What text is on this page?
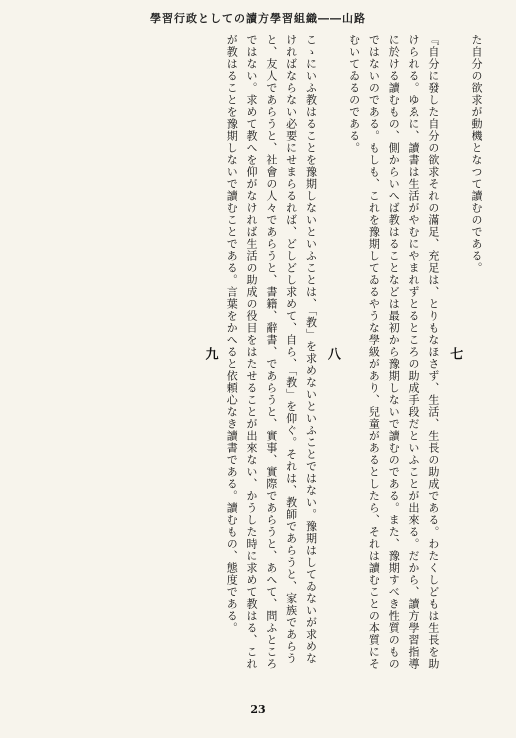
學習行政としての讀方學習組織――山路

た自分の欲求が動機となつて讀むのである。

七

『自分に發した自分の欲求それの滿足、充足は、とりもなほさず、生活、生長の助成である。わたくしどもは生長を助けられる。ゆゑに、讀書は生活がやむにやまれずとるところの助成手段だといふことが出來る。だから、讀方學習指導に於ける讀むもの、側からいへば教はることなどは最初から豫期しないで讀むのである。また、豫期すべき性質のものではないのである。もしも、これを豫期してゐるやうな學級があり、兒童があるとしたら、それは讀むことの本質にそむいてゐるのである。

八

こゝにいふ教はることを豫期しないといふことは、「教」を求めないといふことではない。豫期はしてゐないが求めなければならない必要にせまらるれば、どしどし求めて、自ら、「教」を仰ぐ。それは、教師であらうと、家族であらうと、友人であらうと、社會の人々であらうと、書籍、辭書、であらうと、實事、實際であらうと、あへて、問ふところではない。求めて教へを仰がなければ生活の助成の役目をはたせることが出來ない、かうした時に求めて教はる、これが教はることを豫期しないで讀むことである。言葉をかへると依頼心なき讀書である。讀むもの、態度である。

九

23
